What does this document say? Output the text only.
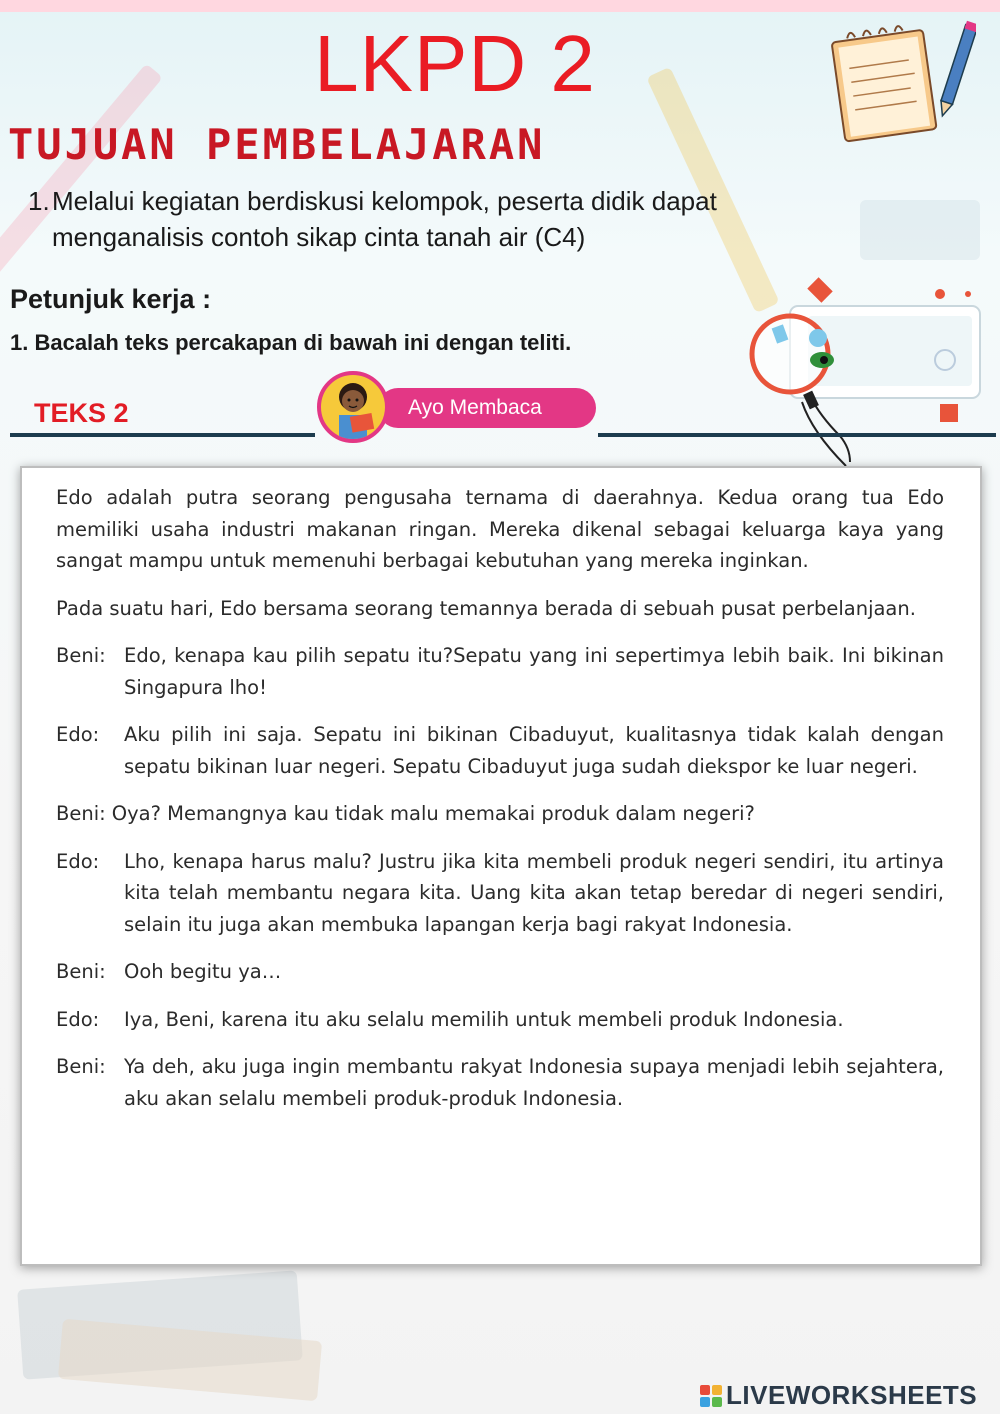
LKPD 2
TUJUAN PEMBELAJARAN
1. Melalui kegiatan berdiskusi kelompok, peserta didik dapat
menganalisis contoh sikap cinta tanah air (C4)
Petunjuk kerja :
1. Bacalah teks percakapan di bawah ini dengan teliti.
TEKS 2	Ayo Membaca

Edo adalah putra seorang pengusaha ternama di daerahnya. Kedua orang tua Edo memiliki usaha industri makanan ringan. Mereka dikenal sebagai keluarga kaya yang sangat mampu untuk memenuhi berbagai kebutuhan yang mereka inginkan.

Pada suatu hari, Edo bersama seorang temannya berada di sebuah pusat perbelanjaan.

Beni: Edo, kenapa kau pilih sepatu itu?Sepatu yang ini sepertimya lebih baik. Ini bikinan Singapura lho!
Edo:	Aku pilih ini saja. Sepatu ini bikinan Cibaduyut, kualitasnya tidak kalah dengan sepatu bikinan luar negeri. Sepatu Cibaduyut juga sudah diekspor ke luar negeri.
Beni: Oya? Memangnya kau tidak malu memakai produk dalam negeri?
Edo:	Lho, kenapa harus malu? Justru jika kita membeli produk negeri sendiri, itu artinya kita telah membantu negara kita. Uang kita akan tetap beredar di negeri sendiri, selain itu juga akan membuka lapangan kerja bagi rakyat Indonesia.
Beni: Ooh begitu ya…
Edo:	Iya, Beni, karena itu aku selalu memilih untuk membeli produk Indonesia.
Beni: Ya deh, aku juga ingin membantu rakyat Indonesia supaya menjadi lebih sejahtera, aku akan selalu membeli produk-produk Indonesia.
LIVEWORKSHEETS
